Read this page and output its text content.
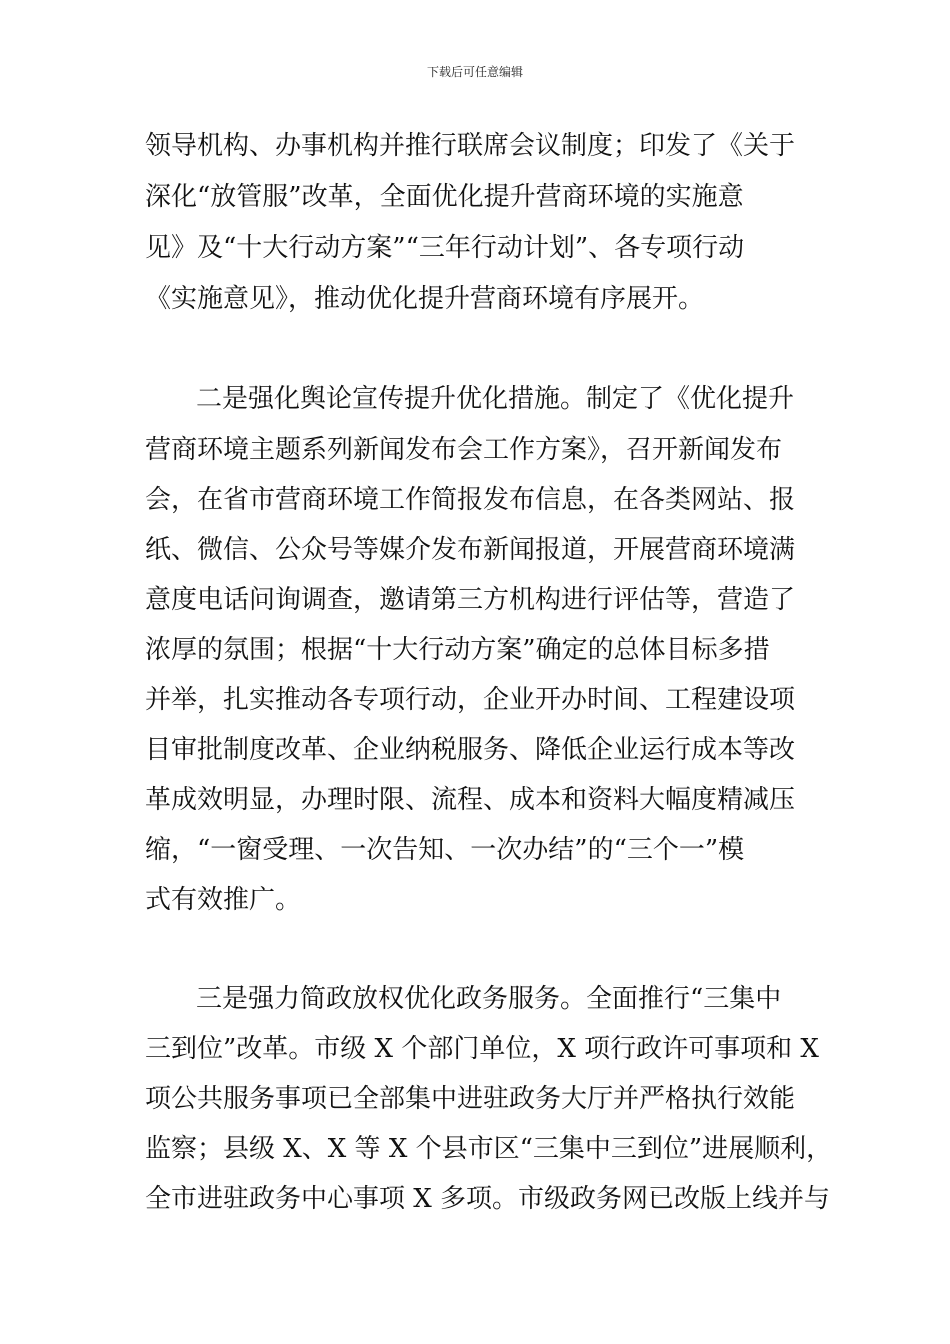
下载后可任意编辑
领导机构、办事机构并推行联席会议制度；印发了《关于
深化“放管服”改革，全面优化提升营商环境的实施意
见》及“十大行动方案”“三年行动计划”、各专项行动
《实施意见》，推动优化提升营商环境有序展开。
二是强化舆论宣传提升优化措施。制定了《优化提升
营商环境主题系列新闻发布会工作方案》，召开新闻发布
会，在省市营商环境工作简报发布信息，在各类网站、报
纸、微信、公众号等媒介发布新闻报道，开展营商环境满
意度电话问询调查，邀请第三方机构进行评估等，营造了
浓厚的氛围；根据“十大行动方案”确定的总体目标多措
并举，扎实推动各专项行动，企业开办时间、工程建设项
目审批制度改革、企业纳税服务、降低企业运行成本等改
革成效明显，办理时限、流程、成本和资料大幅度精减压
缩，“一窗受理、一次告知、一次办结”的“三个一”模
式有效推广。
三是强力简政放权优化政务服务。全面推行“三集中
三到位”改革。市级 X 个部门单位，X 项行政许可事项和 X
项公共服务事项已全部集中进驻政务大厅并严格执行效能
监察；县级 X、X 等 X 个县市区“三集中三到位”进展顺利，
全市进驻政务中心事项 X 多项。市级政务网已改版上线并与
